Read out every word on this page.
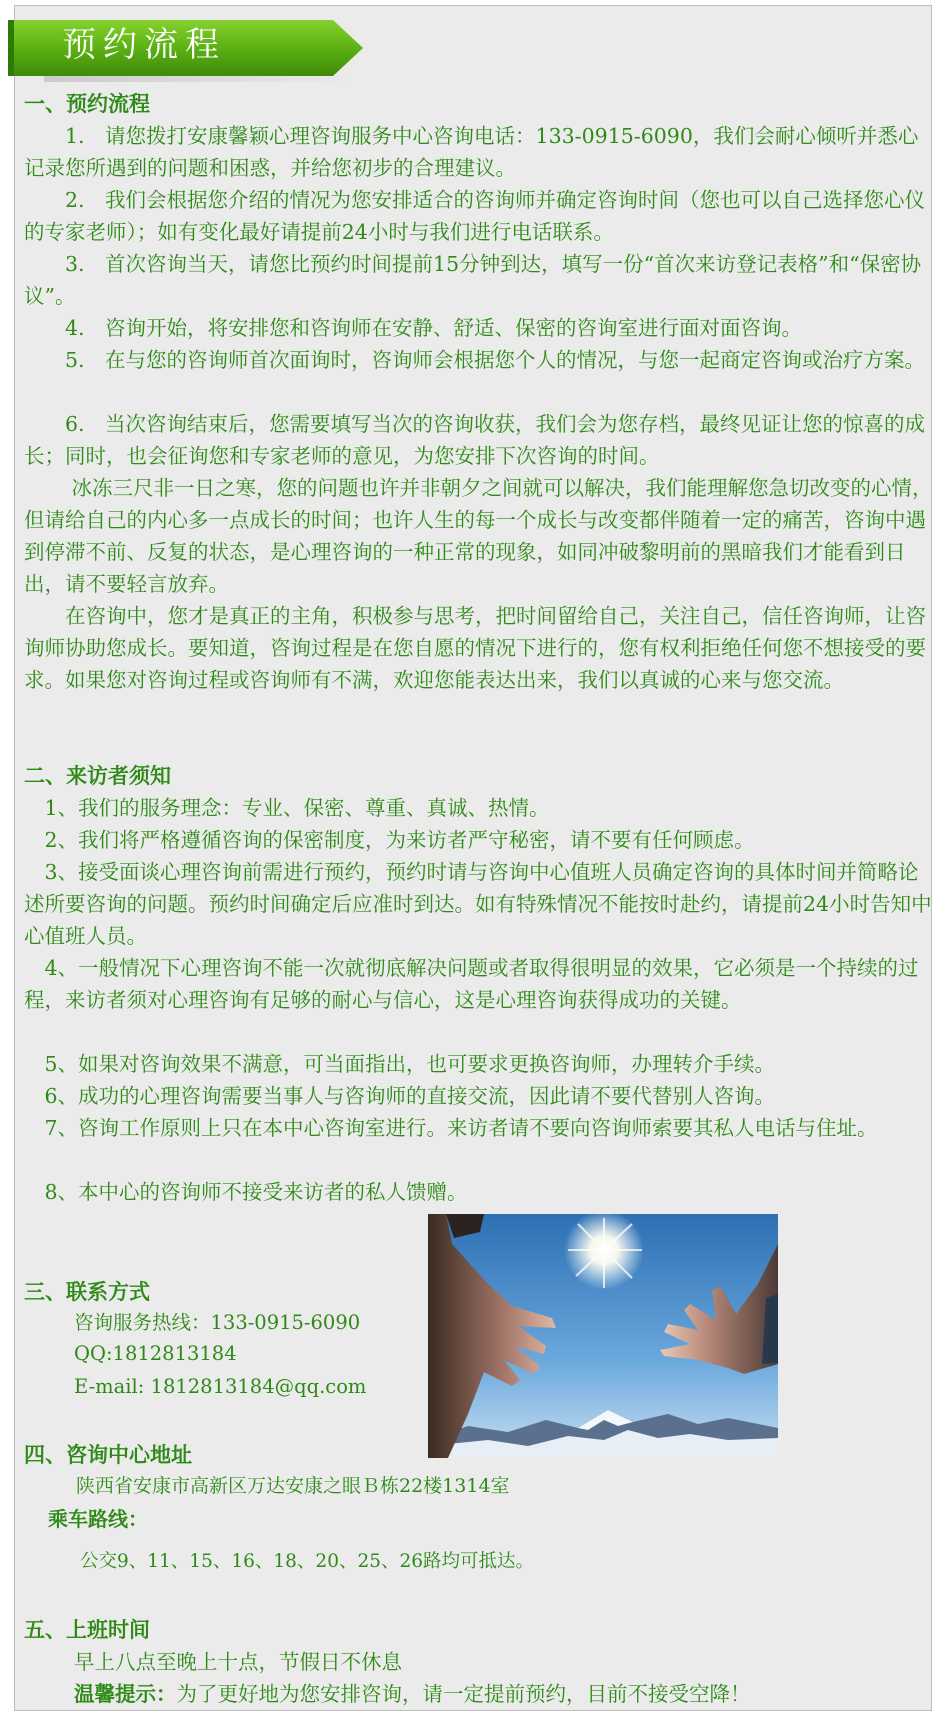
预约流程
一、预约流程

　　1.　请您拨打安康馨颖心理咨询服务中心咨询电话：133-0915-6090，我们会耐心倾听并悉心记录您所遇到的问题和困惑，并给您初步的合理建议。

　　2.　我们会根据您介绍的情况为您安排适合的咨询师并确定咨询时间（您也可以自己选择您心仪的专家老师）；如有变化最好请提前24小时与我们进行电话联系。

　　3.　首次咨询当天，请您比预约时间提前15分钟到达，填写一份“首次来访登记表格”和“保密协议”。

　　4.　咨询开始，将安排您和咨询师在安静、舒适、保密的咨询室进行面对面咨询。

　　5.　在与您的咨询师首次面询时，咨询师会根据您个人的情况，与您一起商定咨询或治疗方案。

　　6.　当次咨询结束后，您需要填写当次的咨询收获，我们会为您存档，最终见证让您的惊喜的成长；同时，也会征询您和专家老师的意见，为您安排下次咨询的时间。

　　 冰冻三尺非一日之寒，您的问题也许并非朝夕之间就可以解决，我们能理解您急切改变的心情，但请给自己的内心多一点成长的时间；也许人生的每一个成长与改变都伴随着一定的痛苦，咨询中遇到停滞不前、反复的状态，是心理咨询的一种正常的现象，如同冲破黎明前的黑暗我们才能看到日出，请不要轻言放弃。

　　在咨询中，您才是真正的主角，积极参与思考，把时间留给自己，关注自己，信任咨询师，让咨询师协助您成长。要知道，咨询过程是在您自愿的情况下进行的，您有权利拒绝任何您不想接受的要求。如果您对咨询过程或咨询师有不满，欢迎您能表达出来，我们以真诚的心来与您交流。

二、来访者须知

　1、我们的服务理念：专业、保密、尊重、真诚、热情。

　2、我们将严格遵循咨询的保密制度，为来访者严守秘密，请不要有任何顾虑。

　3、接受面谈心理咨询前需进行预约，预约时请与咨询中心值班人员确定咨询的具体时间并简略论述所要咨询的问题。预约时间确定后应准时到达。如有特殊情况不能按时赴约，请提前24小时告知中心值班人员。

　4、一般情况下心理咨询不能一次就彻底解决问题或者取得很明显的效果，它必须是一个持续的过程，来访者须对心理咨询有足够的耐心与信心，这是心理咨询获得成功的关键。

　5、如果对咨询效果不满意，可当面指出，也可要求更换咨询师，办理转介手续。

　6、成功的心理咨询需要当事人与咨询师的直接交流，因此请不要代替别人咨询。

　7、咨询工作原则上只在本中心咨询室进行。来访者请不要向咨询师索要其私人电话与住址。

　8、本中心的咨询师不接受来访者的私人馈赠。

三、联系方式
咨询服务热线：133-0915-6090
QQ:1812813184
E-mail: 1812813184@qq.com
四、咨询中心地址
陕西省安康市高新区万达安康之眼Ｂ栋22楼1314室
乘车路线：
公交9、11、15、16、18、20、25、26路均可抵达。
五、上班时间
早上八点至晚上十点，节假日不休息
温馨提示：为了更好地为您安排咨询，请一定提前预约，目前不接受空降！
